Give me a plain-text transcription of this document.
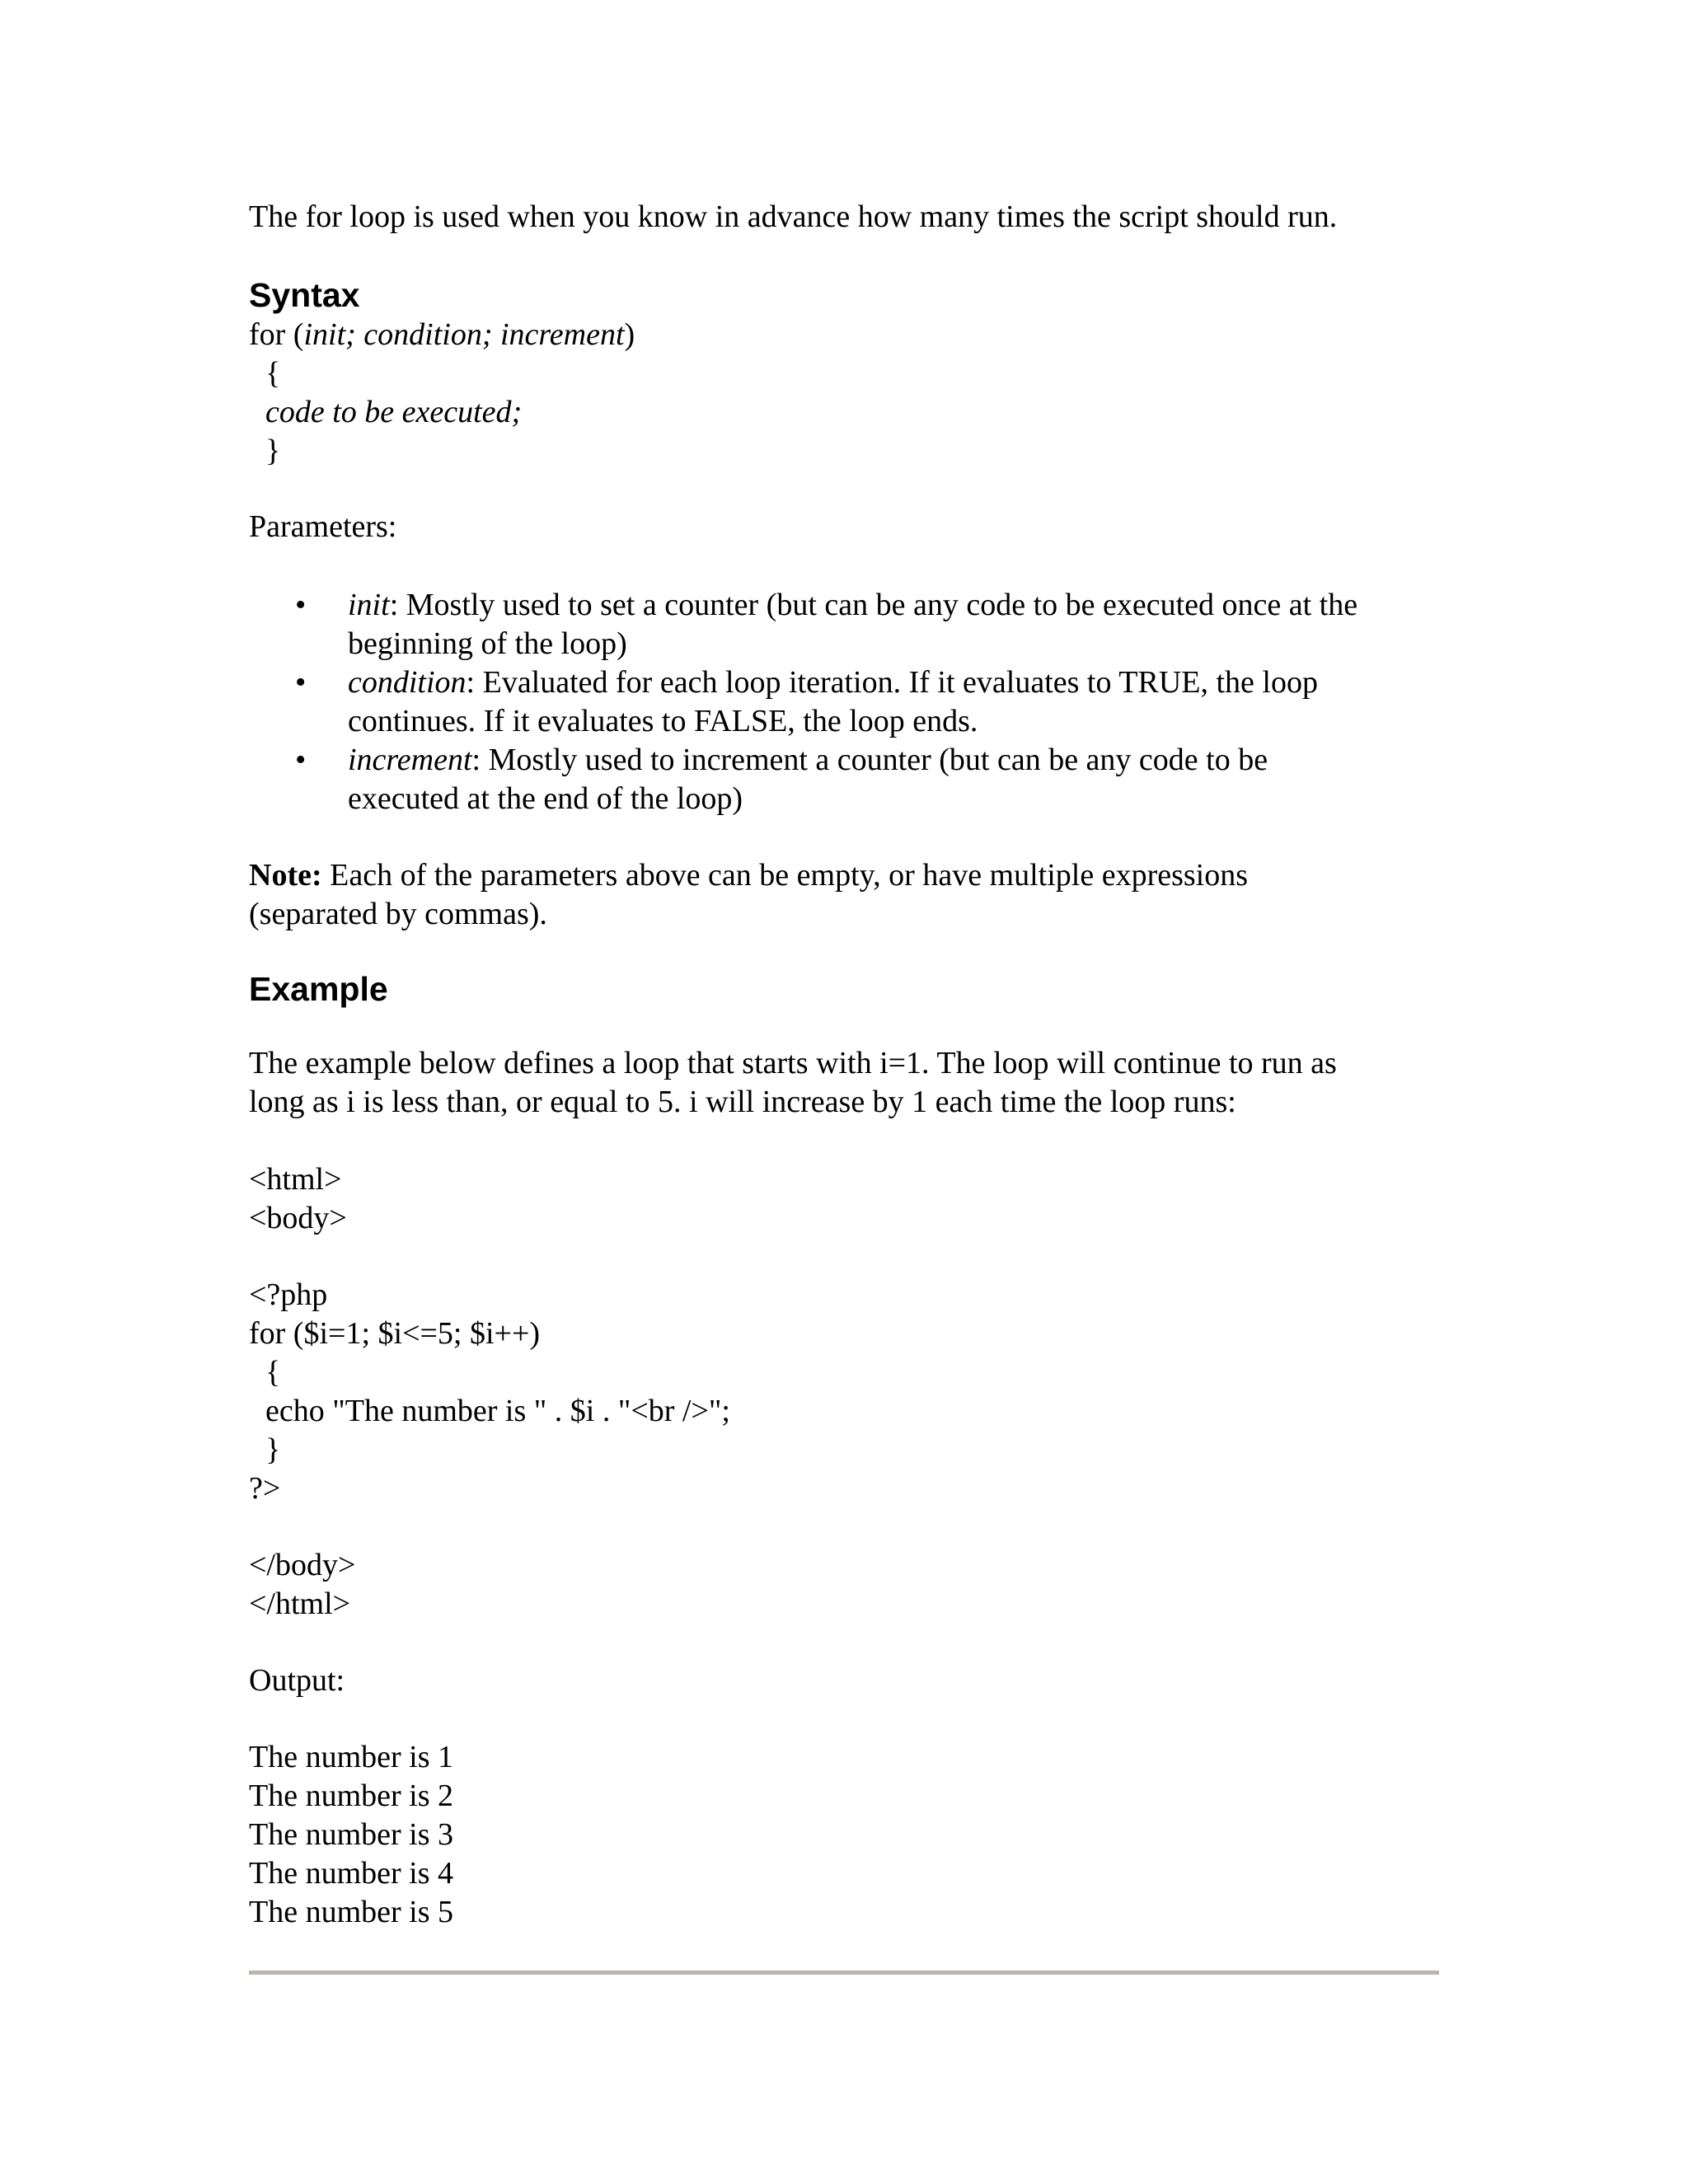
The for loop is used when you know in advance how many times the script should run.

Syntax

for (init; condition; increment)

{

code to be executed;

}

Parameters:

• init: Mostly used to set a counter (but can be any code to be executed once at the
beginning of the loop)
• condition: Evaluated for each loop iteration. If it evaluates to TRUE, the loop
continues. If it evaluates to FALSE, the loop ends.
• increment: Mostly used to increment a counter (but can be any code to be
executed at the end of the loop)

Note: Each of the parameters above can be empty, or have multiple expressions

(separated by commas).

Example

The example below defines a loop that starts with i=1. The loop will continue to run as

long as i is less than, or equal to 5. i will increase by 1 each time the loop runs:

<html>

<body>

<?php

for ($i=1; $i<=5; $i++)

{

echo "The number is " . $i . "<br />";

}

?>

</body>

</html>

Output:

The number is 1

The number is 2

The number is 3

The number is 4

The number is 5
